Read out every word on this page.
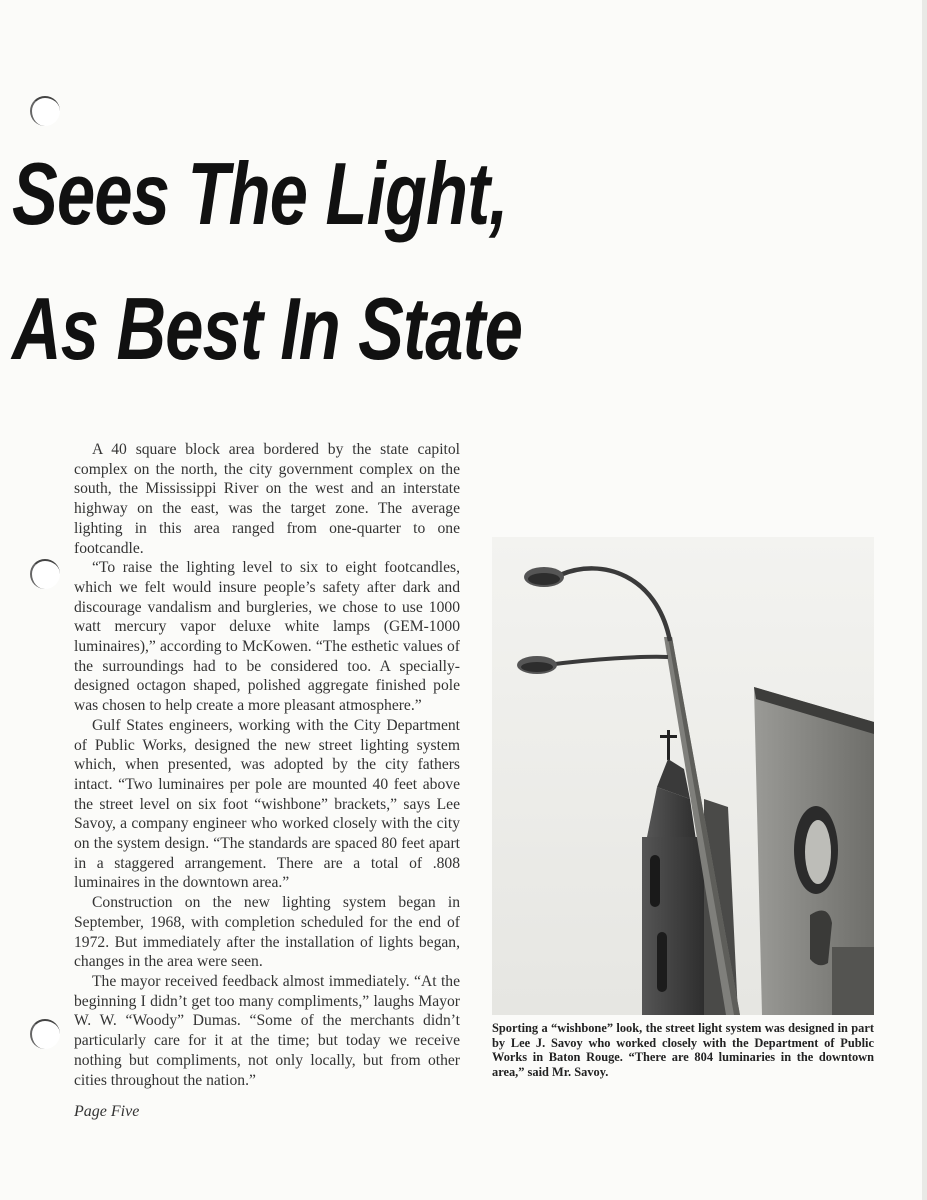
Sees The Light,
As Best In State

A 40 square block area bordered by the state capitol complex on the north, the city government complex on the south, the Mississippi River on the west and an interstate highway on the east, was the target zone. The average lighting in this area ranged from one-quarter to one footcandle.

“To raise the lighting level to six to eight footcandles, which we felt would insure people’s safety after dark and discourage vandalism and burgleries, we chose to use 1000 watt mercury vapor deluxe white lamps (GEM-1000 luminaires),” according to McKowen. “The esthetic values of the surroundings had to be considered too. A specially-designed octagon shaped, polished aggregate finished pole was chosen to help create a more pleasant atmosphere.”

Gulf States engineers, working with the City Department of Public Works, designed the new street lighting system which, when presented, was adopted by the city fathers intact. “Two luminaires per pole are mounted 40 feet above the street level on six foot “wishbone” brackets,” says Lee Savoy, a company engineer who worked closely with the city on the system design. “The standards are spaced 80 feet apart in a staggered arrangement. There are a total of .808 luminaires in the downtown area.”

Construction on the new lighting system began in September, 1968, with completion scheduled for the end of 1972. But immediately after the installation of lights began, changes in the area were seen.

The mayor received feedback almost immediately. “At the beginning I didn’t get too many compliments,” laughs Mayor W. W. “Woody” Dumas. “Some of the merchants didn’t particularly care for it at the time; but today we receive nothing but compliments, not only locally, but from other cities throughout the nation.”

Sporting a “wishbone” look, the street light system was designed in part by Lee J. Savoy who worked closely with the Department of Public Works in Baton Rouge. “There are 804 luminaries in the downtown area,” said Mr. Savoy.

Page Five
